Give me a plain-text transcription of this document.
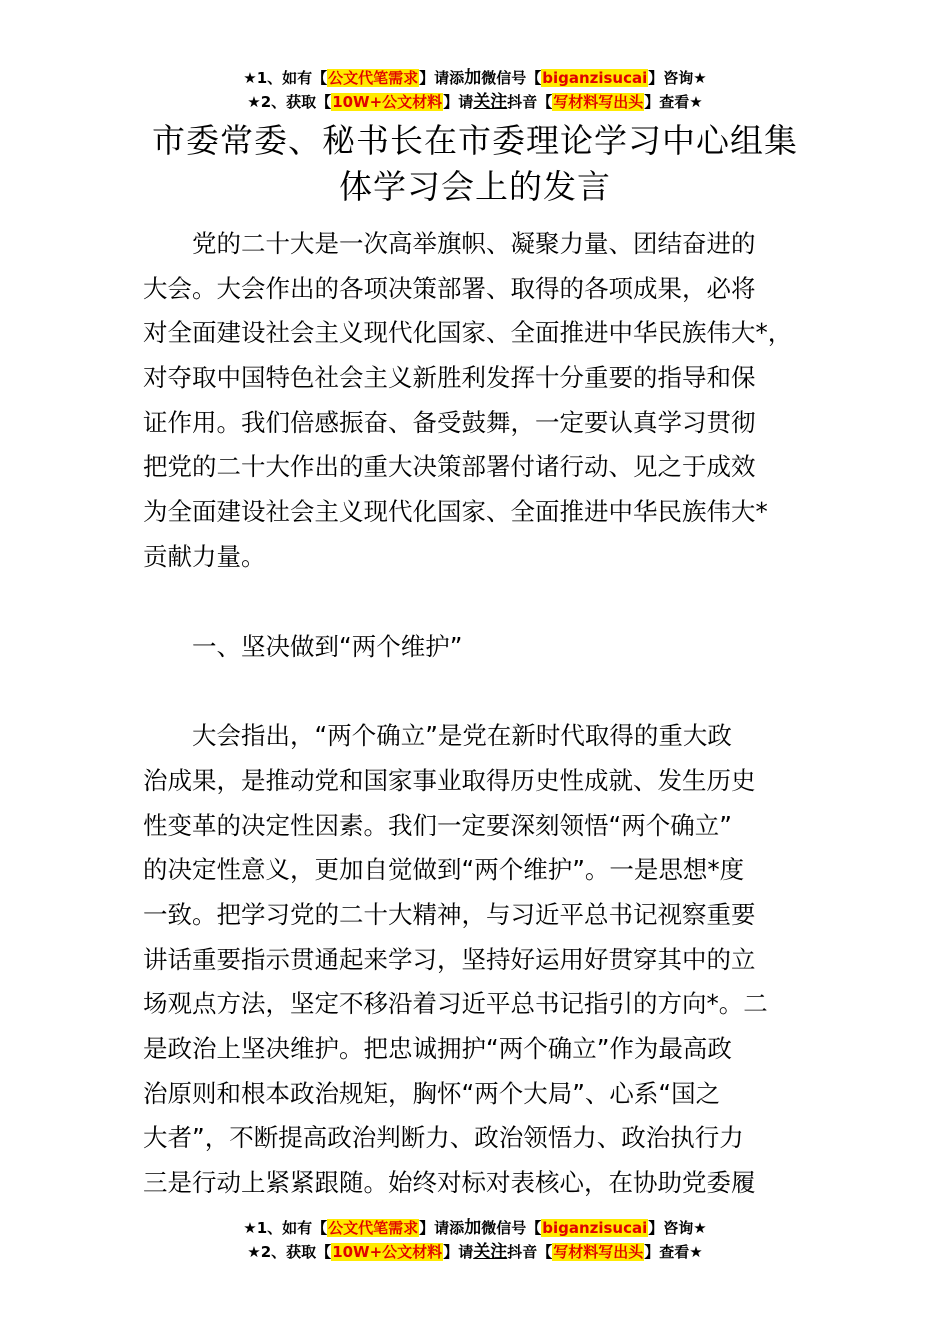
★1、如有【公文代笔需求】请添加微信号【biganzisucai】咨询★
★2、获取【10W+公文材料】请关注抖音【写材料写出头】查看★
市委常委、秘书长在市委理论学习中心组集
体学习会上的发言
党的二十大是一次高举旗帜、凝聚力量、团结奋进的
大会。大会作出的各项决策部署、取得的各项成果，必将
对全面建设社会主义现代化国家、全面推进中华民族伟大*，
对夺取中国特色社会主义新胜利发挥十分重要的指导和保
证作用。我们倍感振奋、备受鼓舞，一定要认真学习贯彻
把党的二十大作出的重大决策部署付诸行动、见之于成效
为全面建设社会主义现代化国家、全面推进中华民族伟大*
贡献力量。
一、坚决做到“两个维护”
大会指出，“两个确立”是党在新时代取得的重大政
治成果，是推动党和国家事业取得历史性成就、发生历史
性变革的决定性因素。我们一定要深刻领悟“两个确立”
的决定性意义，更加自觉做到“两个维护”。一是思想*度
一致。把学习党的二十大精神，与习近平总书记视察重要
讲话重要指示贯通起来学习，坚持好运用好贯穿其中的立
场观点方法，坚定不移沿着习近平总书记指引的方向*。二
是政治上坚决维护。把忠诚拥护“两个确立”作为最高政
治原则和根本政治规矩，胸怀“两个大局”、心系“国之
大者”，不断提高政治判断力、政治领悟力、政治执行力
三是行动上紧紧跟随。始终对标对表核心，在协助党委履
★1、如有【公文代笔需求】请添加微信号【biganzisucai】咨询★
★2、获取【10W+公文材料】请关注抖音【写材料写出头】查看★
